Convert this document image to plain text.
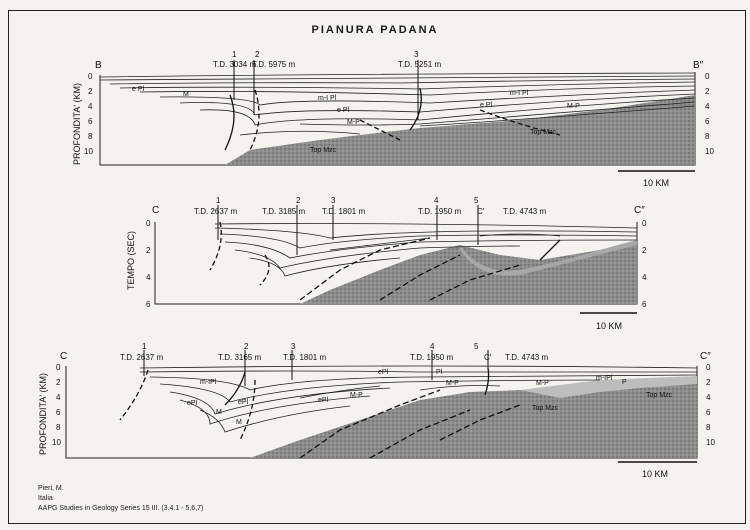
PIANURA PADANA
B	B″
PROFONDITA' (KM)
0
2
4
6
8
10
0
2
4
6
8
10
1
T.D. 3034 m
2
T.D. 5975 m
3
T.D. 5251 m
e Pl
M
m-I Pl
m-I Pl
e Pl
e Pl
M-P
M-P
Top Mzc
Top Mzc
10 KM
C	C″
TEMPO (SEC)
0
2
4
6
0
2
4
6
1
T.D. 2637 m
2
T.D. 3185 m
3
T.D. 1801 m
4
T.D. 1950 m
5
C′ T.D. 4743 m
10 KM
C	C″
PROFONDITA' (KM)
0
2
4
6
8
10
0
2
4
6
8
10
1
T.D. 2637 m
2
T.D. 3165 m
3
T.D. 1801 m
4
T.D. 1950 m
5
C′ T.D. 4743 m
m-IPl
ePl	ePl
M
M
ePl
M-P
ePl
M-P	M-P
m-IPl
Top Mzc
Top Mzc
P
Pl
10 KM
Pieri, M.
Italia
AAPG Studies in Geology Series 15 III. (3.4.1 - 5,6,7)
